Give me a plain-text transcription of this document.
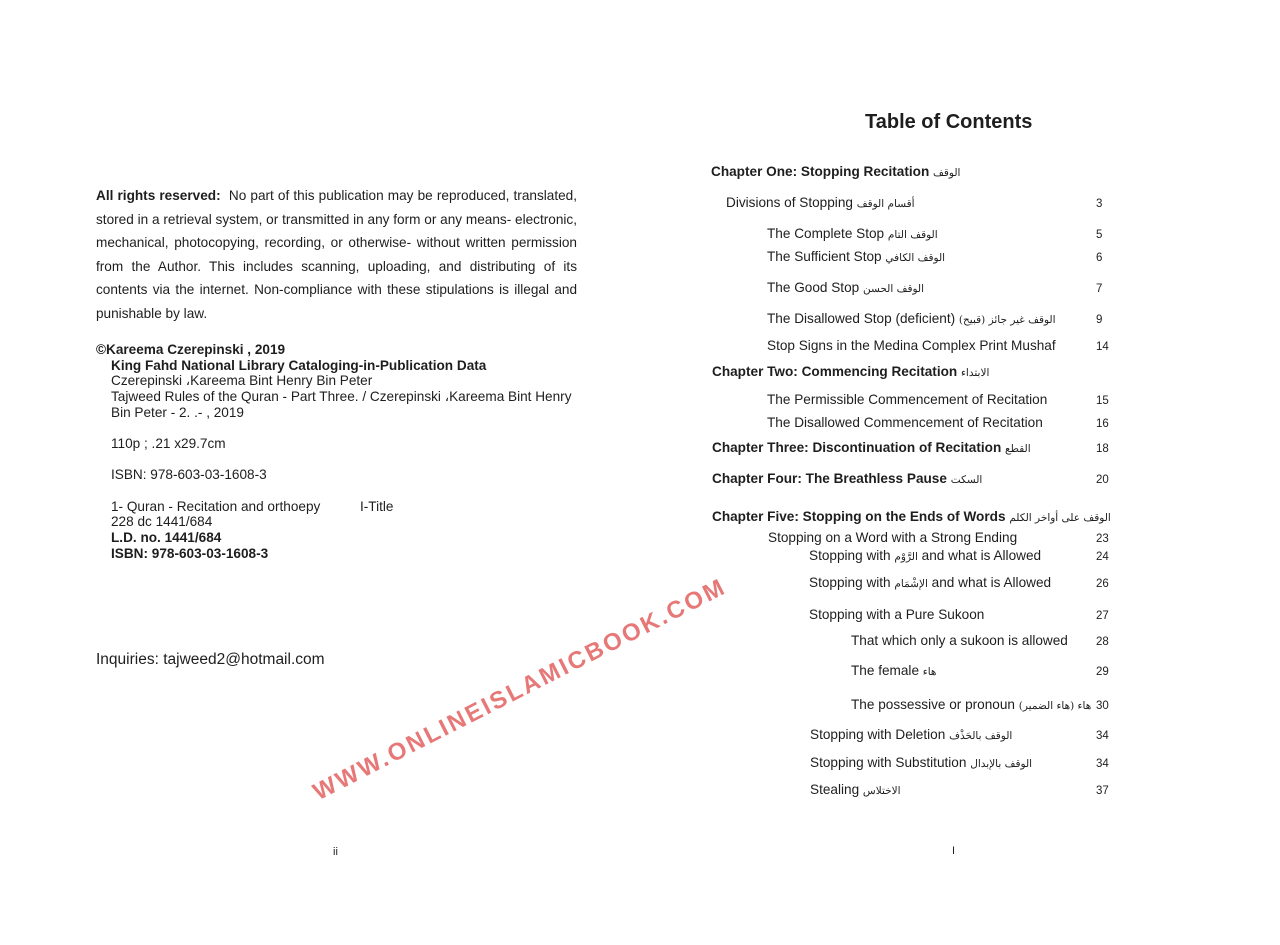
All rights reserved: No part of this publication may be reproduced, translated, stored in a retrieval system, or transmitted in any form or any means- electronic, mechanical, photocopying, recording, or otherwise- without written permission from the Author. This includes scanning, uploading, and distributing of its contents via the internet. Non-compliance with these stipulations is illegal and punishable by law.
©Kareema Czerepinski , 2019
King Fahd National Library Cataloging-in-Publication Data
Czerepinski ،Kareema Bint Henry Bin Peter
Tajweed Rules of the Quran - Part Three. / Czerepinski ،Kareema Bint Henry
Bin Peter - 2. .- , 2019
110p ; .21 x29.7cm
ISBN: 978-603-03-1608-3
1- Quran - Recitation and orthoepy	I-Title
228 dc 1441/684
L.D. no. 1441/684
ISBN: 978-603-03-1608-3
Inquiries: tajweed2@hotmail.com
ii
Table of Contents
Chapter One: Stopping Recitation الوقف
Divisions of Stopping أقسام الوقف	3
The Complete Stop الوقف التام	5
The Sufficient Stop الوقف الكافي	6
The Good Stop الوقف الحسن	7
The Disallowed Stop (deficient) الوقف غير جائز (قبيح)	9
Stop Signs in the Medina Complex Print Mushaf	14
Chapter Two: Commencing Recitation الابتداء
The Permissible Commencement of Recitation	15
The Disallowed Commencement of Recitation	16
Chapter Three: Discontinuation of Recitation القطع	18
Chapter Four: The Breathless Pause السكت	20
Chapter Five: Stopping on the Ends of Words الوقف على أواخر الكلم
Stopping on a Word with a Strong Ending	23
Stopping with الرَّوْم and what is Allowed	24
Stopping with الإشْمَام and what is Allowed	26
Stopping with a Pure Sukoon	27
That which only a sukoon is allowed 28
The female هاء	29
The possessive or pronoun هاء (هاء الضمير) 30
Stopping with Deletion الوقف بالحَذْف	34
Stopping with Substitution الوقف بالإبدال	34
Stealing الاختلاس	37
I
WWW.ONLINEISLAMICBOOK.COM
